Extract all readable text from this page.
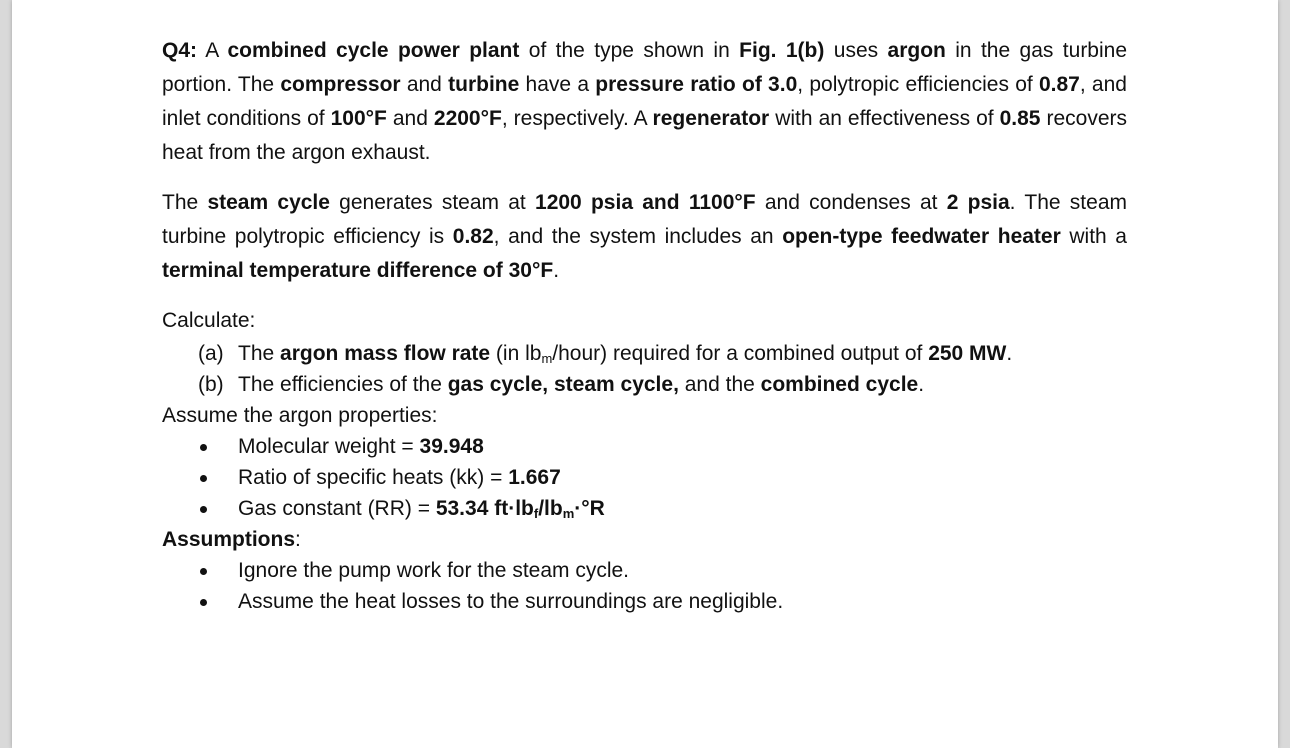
Q4: A combined cycle power plant of the type shown in Fig. 1(b) uses argon in the gas turbine portion. The compressor and turbine have a pressure ratio of 3.0, polytropic efficiencies of 0.87, and inlet conditions of 100°F and 2200°F, respectively. A regenerator with an effectiveness of 0.85 recovers heat from the argon exhaust.

The steam cycle generates steam at 1200 psia and 1100°F and condenses at 2 psia. The steam turbine polytropic efficiency is 0.82, and the system includes an open-type feedwater heater with a terminal temperature difference of 30°F.

Calculate:

(a) The argon mass flow rate (in $lb_m/hour$) required for a combined output of 250 MW.
(b) The efficiencies of the gas cycle, steam cycle, and the combined cycle.

Assume the argon properties:

Molecular weight = 39.948
Ratio of specific heats (kk) = 1.667
Gas constant (RR) = 53.34 $ft\cdot lb_f/lb_m\cdot^\circ R$

Assumptions:

Ignore the pump work for the steam cycle.
Assume the heat losses to the surroundings are negligible.
